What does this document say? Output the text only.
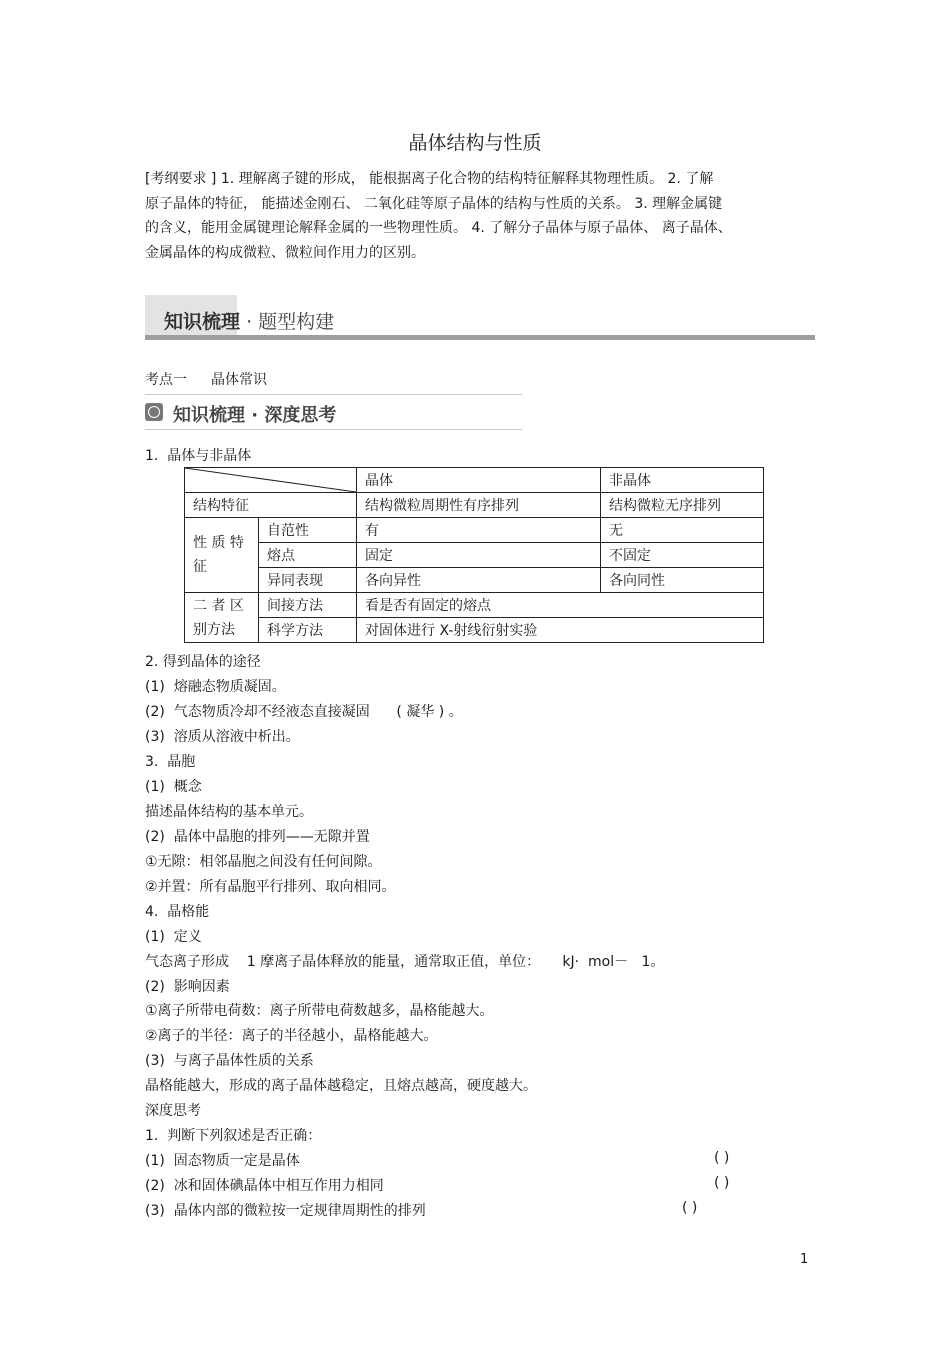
晶体结构与性质

[考纲要求 ] 1. 理解离子键的形成， 能根据离子化合物的结构特征解释其物理性质。 2. 了解

原子晶体的特征， 能描述金刚石、 二氧化硅等原子晶体的结构与性质的关系。 3. 理解金属键

的含义，能用金属键理论解释金属的一些物理性质。 4. 了解分子晶体与原子晶体、 离子晶体、

金属晶体的构成微粒、微粒间作用力的区别。

知识梳理 · 题型构建
考点一 晶体常识
知识梳理 · 深度思考
1.  晶体与非晶体
	晶体	非晶体
结构特征		结构微粒周期性有序排列	结构微粒无序排列
性 质 特 征	自范性	有	无
	熔点	固定	不固定
	异同表现	各向异性	各向同性
二 者 区 别方法	间接方法	看是否有固定的熔点	
	科学方法	对固体进行 X-射线衍射实验	
2. 得到晶体的途径
(1)  熔融态物质凝固。
(2)  气态物质冷却不经液态直接凝固      ( 凝华 ) 。
(3)  溶质从溶液中析出。
3.  晶胞
(1)  概念
描述晶体结构的基本单元。
(2)  晶体中晶胞的排列——无隙并置
①无隙：相邻晶胞之间没有任何间隙。
②并置：所有晶胞平行排列、取向相同。
4.  晶格能
(1)  定义
气态离子形成    1 摩离子晶体释放的能量，通常取正值，单位：     kJ·  mol－   1。
(2)  影响因素
①离子所带电荷数：离子所带电荷数越多，晶格能越大。
②离子的半径：离子的半径越小，晶格能越大。
(3)  与离子晶体性质的关系
晶格能越大，形成的离子晶体越稳定，且熔点越高，硬度越大。
深度思考
1.  判断下列叙述是否正确：
(1)  固态物质一定是晶体
(2)  冰和固体碘晶体中相互作用力相同
(3)  晶体内部的微粒按一定规律周期性的排列
( )
( )
( )
1
